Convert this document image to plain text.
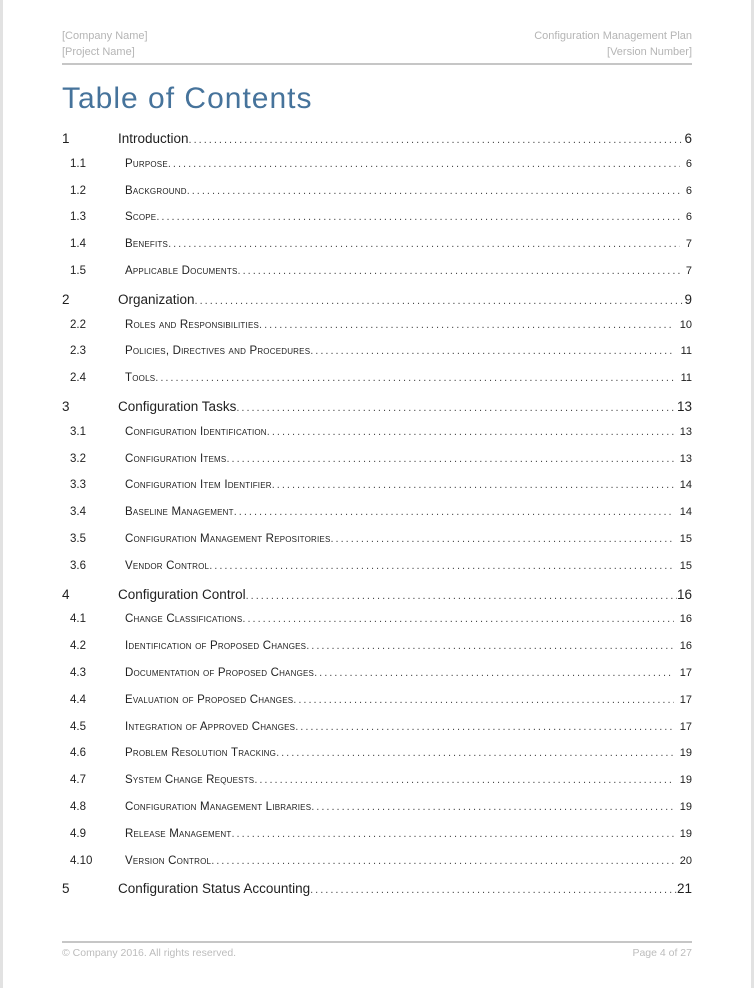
[Company Name]
[Project Name]
Configuration Management Plan
[Version Number]
Table of Contents
1	Introduction .....	6
1.1	Purpose .....	6
1.2	Background .....	6
1.3	Scope .....	6
1.4	Benefits .....	7
1.5	Applicable Documents .....	7
2	Organization .....	9
2.2	Roles and Responsibilities .....	10
2.3	Policies, Directives and Procedures .....	11
2.4	Tools .....	11
3	Configuration Tasks .....	13
3.1	Configuration Identification .....	13
3.2	Configuration Items .....	13
3.3	Configuration Item Identifier .....	14
3.4	Baseline Management .....	14
3.5	Configuration Management Repositories .....	15
3.6	Vendor Control .....	15
4	Configuration Control .....	16
4.1	Change Classifications .....	16
4.2	Identification of Proposed Changes .....	16
4.3	Documentation of Proposed Changes .....	17
4.4	Evaluation of Proposed Changes .....	17
4.5	Integration of Approved Changes .....	17
4.6	Problem Resolution Tracking .....	19
4.7	System Change Requests .....	19
4.8	Configuration Management Libraries .....	19
4.9	Release Management .....	19
4.10	Version Control .....	20
5	Configuration Status Accounting .....	21
© Company 2016. All rights reserved.	Page 4 of 27
